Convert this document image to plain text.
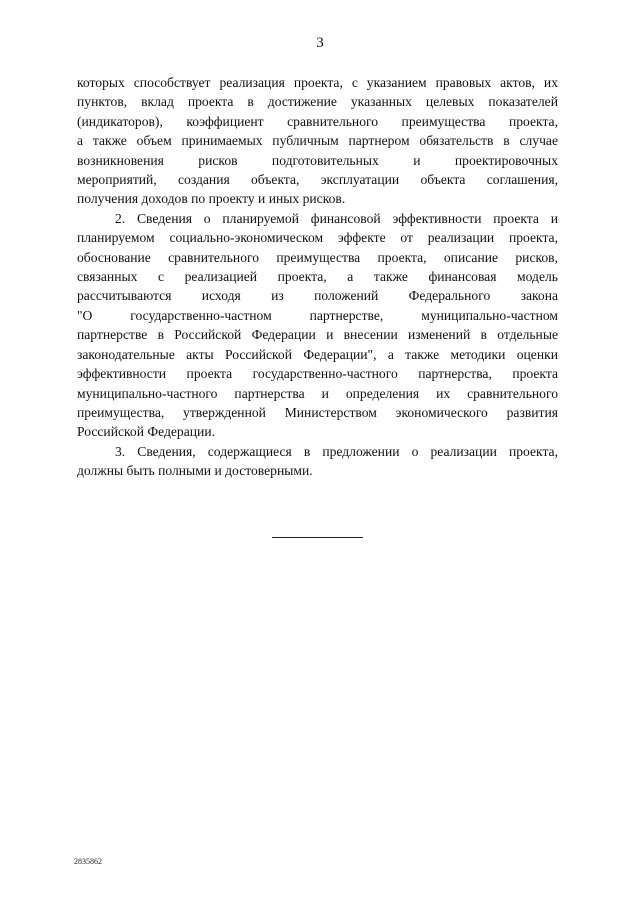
3
которых способствует реализация проекта, с указанием правовых актов, их
пунктов, вклад проекта в достижение указанных целевых показателей
(индикаторов), коэффициент сравнительного преимущества проекта,
а также объем принимаемых публичным партнером обязательств в случае
возникновения рисков подготовительных и проектировочных
мероприятий, создания объекта, эксплуатации объекта соглашения,
получения доходов по проекту и иных рисков.
2. Сведения о планируемой финансовой эффективности проекта и
планируемом социально-экономическом эффекте от реализации проекта,
обоснование сравнительного преимущества проекта, описание рисков,
связанных с реализацией проекта, а также финансовая модель
рассчитываются исходя из положений Федерального закона
"О государственно-частном партнерстве, муниципально-частном
партнерстве в Российской Федерации и внесении изменений в отдельные
законодательные акты Российской Федерации", а также методики оценки
эффективности проекта государственно-частного партнерства, проекта
муниципально-частного партнерства и определения их сравнительного
преимущества, утвержденной Министерством экономического развития
Российской Федерации.
3. Сведения, содержащиеся в предложении о реализации проекта,
должны быть полными и достоверными.
2835862
